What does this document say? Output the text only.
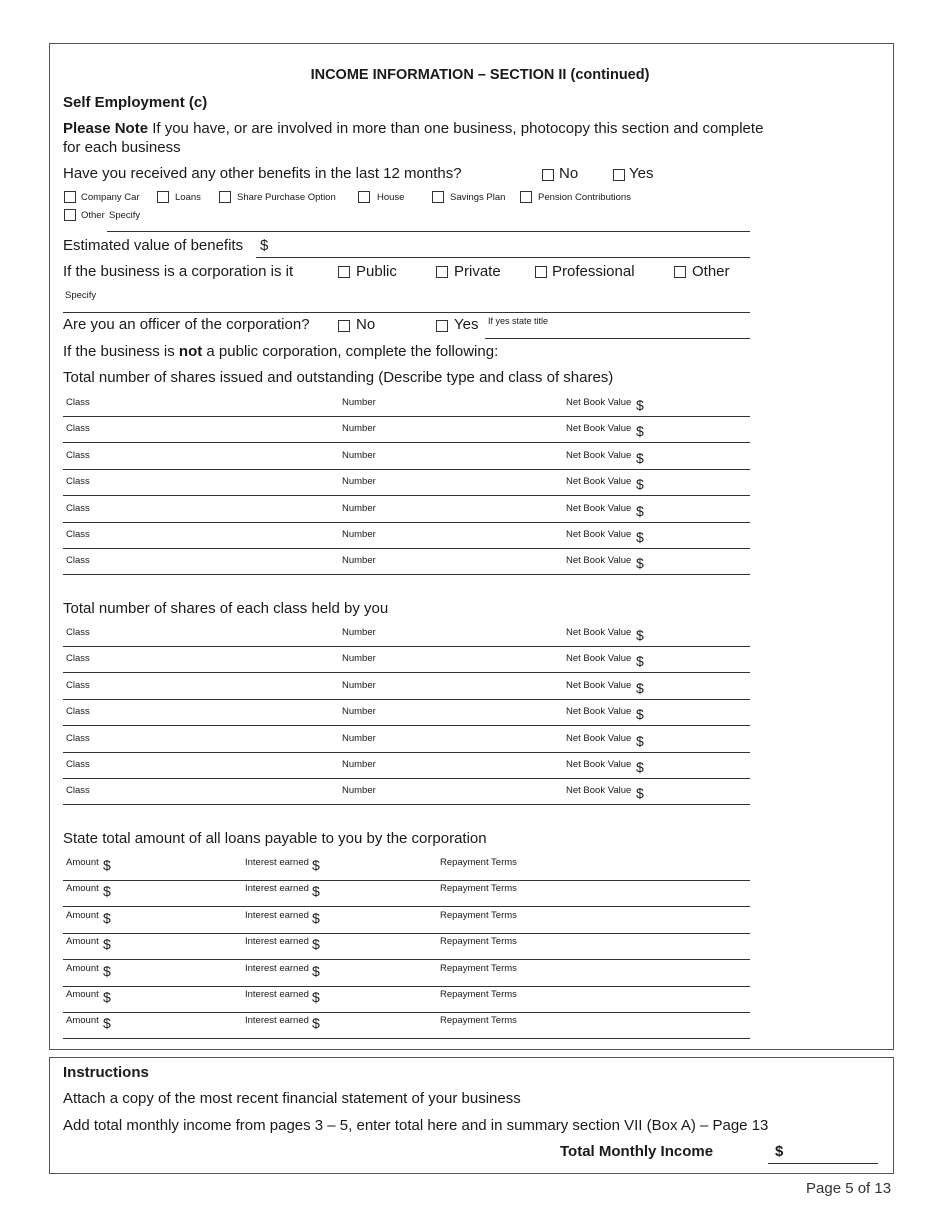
INCOME INFORMATION – SECTION II (continued)
Self Employment (c)
Please Note If you have, or are involved in more than one business, photocopy this section and complete
for each business
Have you received any other benefits in the last 12 months?	No	Yes
Company Car	Loans	Share Purchase Option	House	Savings Plan	Pension Contributions
Other Specify
Estimated value of benefits $
If the business is a corporation is it	Public	Private	Professional	Other
Specify
Are you an officer of the corporation?	No	Yes If yes state title
If the business is not a public corporation, complete the following:
Total number of shares issued and outstanding (Describe type and class of shares)
Class	Number	Net Book Value $
Class	Number	Net Book Value $
Class	Number	Net Book Value $
Class	Number	Net Book Value $
Class	Number	Net Book Value $
Class	Number	Net Book Value $
Class	Number	Net Book Value $
Total number of shares of each class held by you
Class	Number	Net Book Value $
Class	Number	Net Book Value $
Class	Number	Net Book Value $
Class	Number	Net Book Value $
Class	Number	Net Book Value $
Class	Number	Net Book Value $
Class	Number	Net Book Value $
State total amount of all loans payable to you by the corporation
Amount $	Interest earned $	Repayment Terms
Amount $	Interest earned $	Repayment Terms
Amount $	Interest earned $	Repayment Terms
Amount $	Interest earned $	Repayment Terms
Amount $	Interest earned $	Repayment Terms
Amount $	Interest earned $	Repayment Terms
Amount $	Interest earned $	Repayment Terms
Instructions
Attach a copy of the most recent financial statement of your business
Add total monthly income from pages 3 – 5, enter total here and in summary section VII (Box A) – Page 13
Total Monthly Income	$
Page 5 of 13
